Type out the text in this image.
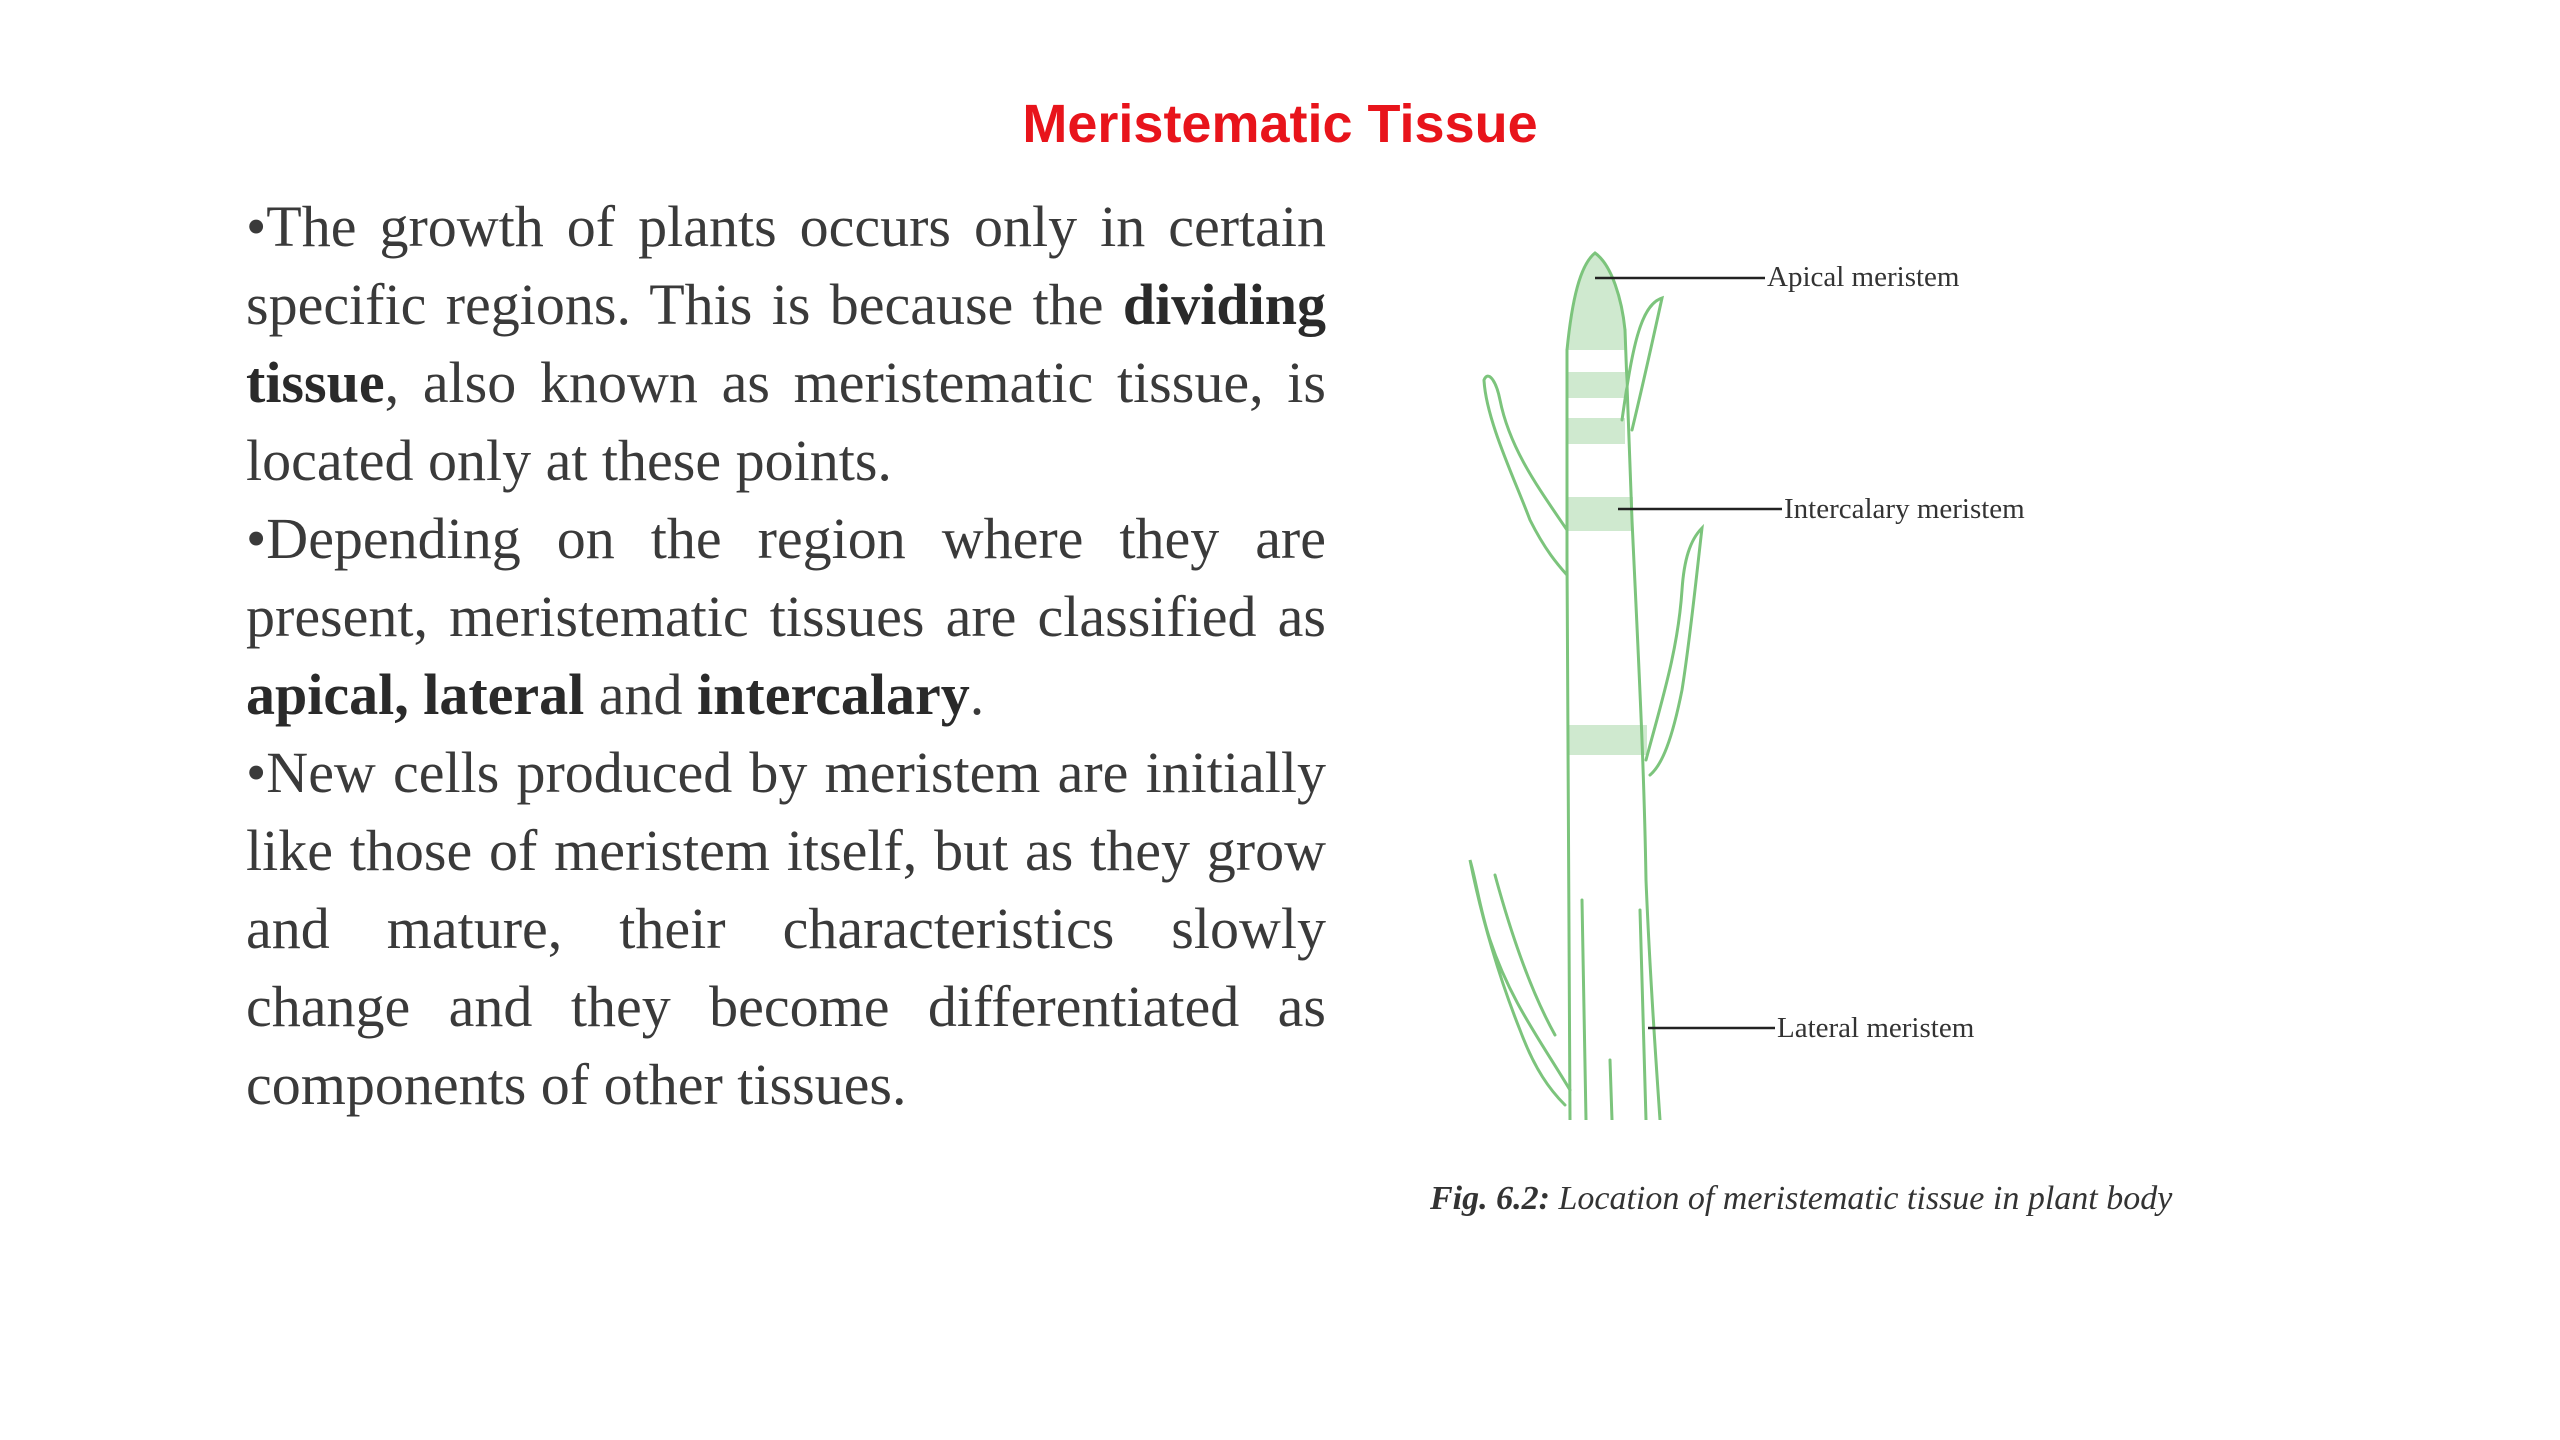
Meristematic Tissue

•The growth of plants occurs only in certain specific regions. This is because the dividing tissue, also known as meristematic tissue, is located only at these points.

•Depending on the region where they are present, meristematic tissues are classified as apical, lateral and intercalary.

•New cells produced by meristem are initially like those of meristem itself, but as they grow and mature, their characteristics slowly change and they become differentiated as components of other tissues.

Apical meristem
Intercalary meristem
Lateral meristem
Fig. 6.2: Location of meristematic tissue in plant body
